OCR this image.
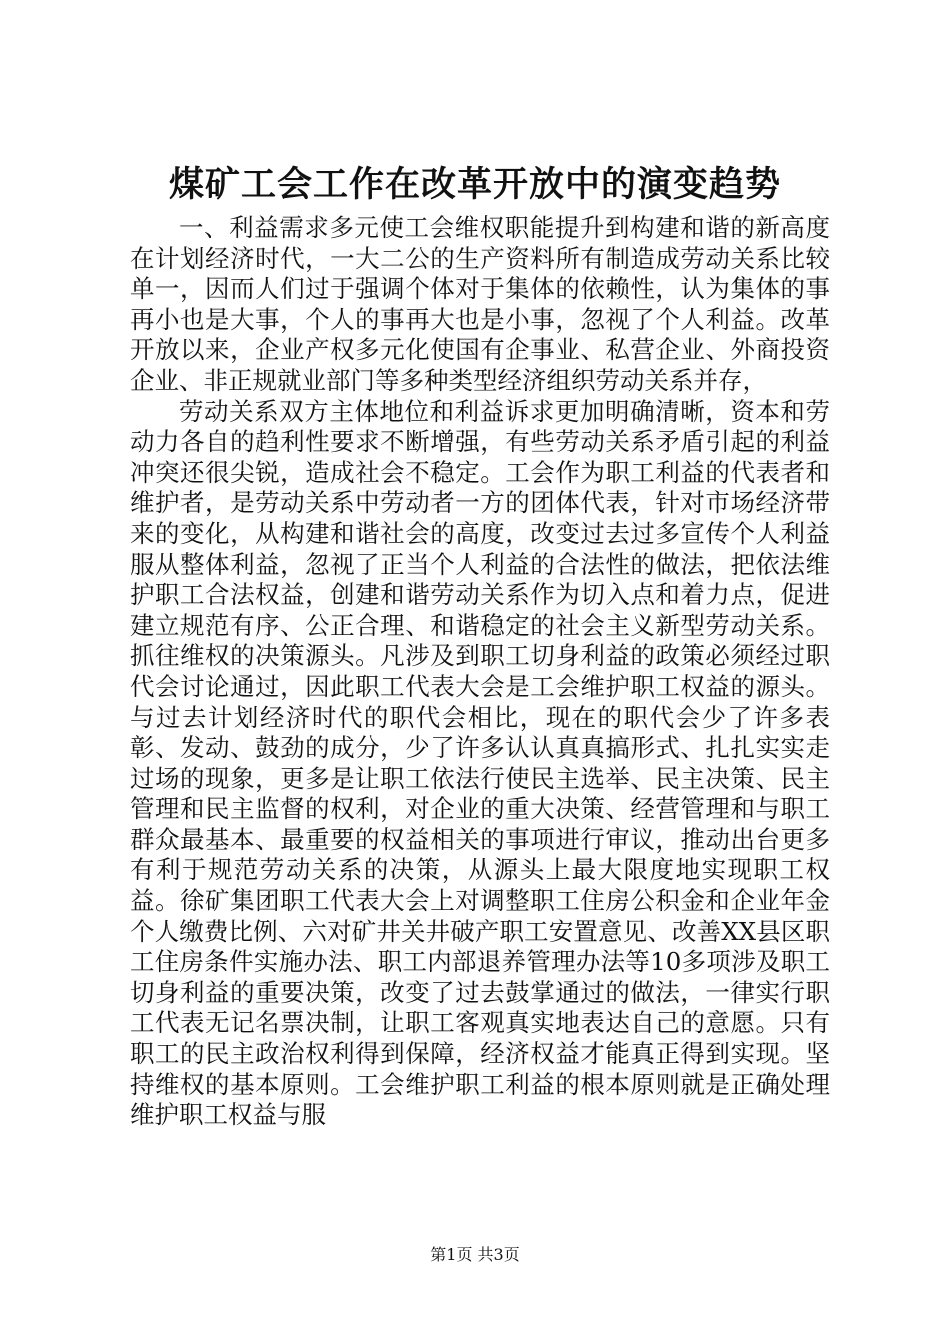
煤矿工会工作在改革开放中的演变趋势

一、利益需求多元使工会维权职能提升到构建和谐的新高度在计划经济时代，一大二公的生产资料所有制造成劳动关系比较单一，因而人们过于强调个体对于集体的依赖性，认为集体的事再小也是大事，个人的事再大也是小事，忽视了个人利益。改革开放以来，企业产权多元化使国有企事业、私营企业、外商投资企业、非正规就业部门等多种类型经济组织劳动关系并存，

劳动关系双方主体地位和利益诉求更加明确清晰，资本和劳动力各自的趋利性要求不断增强，有些劳动关系矛盾引起的利益冲突还很尖锐，造成社会不稳定。工会作为职工利益的代表者和维护者，是劳动关系中劳动者一方的团体代表，针对市场经济带来的变化，从构建和谐社会的高度，改变过去过多宣传个人利益服从整体利益，忽视了正当个人利益的合法性的做法，把依法维护职工合法权益，创建和谐劳动关系作为切入点和着力点，促进建立规范有序、公正合理、和谐稳定的社会主义新型劳动关系。抓往维权的决策源头。凡涉及到职工切身利益的政策必须经过职代会讨论通过，因此职工代表大会是工会维护职工权益的源头。与过去计划经济时代的职代会相比，现在的职代会少了许多表彰、发动、鼓劲的成分，少了许多认认真真搞形式、扎扎实实走过场的现象，更多是让职工依法行使民主选举、民主决策、民主管理和民主监督的权利，对企业的重大决策、经营管理和与职工群众最基本、最重要的权益相关的事项进行审议，推动出台更多有利于规范劳动关系的决策，从源头上最大限度地实现职工权益。徐矿集团职工代表大会上对调整职工住房公积金和企业年金个人缴费比例、六对矿井关井破产职工安置意见、改善XX县区职工住房条件实施办法、职工内部退养管理办法等10多项涉及职工切身利益的重要决策，改变了过去鼓掌通过的做法，一律实行职工代表无记名票决制，让职工客观真实地表达自己的意愿。只有职工的民主政治权利得到保障，经济权益才能真正得到实现。坚持维权的基本原则。工会维护职工利益的根本原则就是正确处理维护职工权益与服

第1页 共3页
